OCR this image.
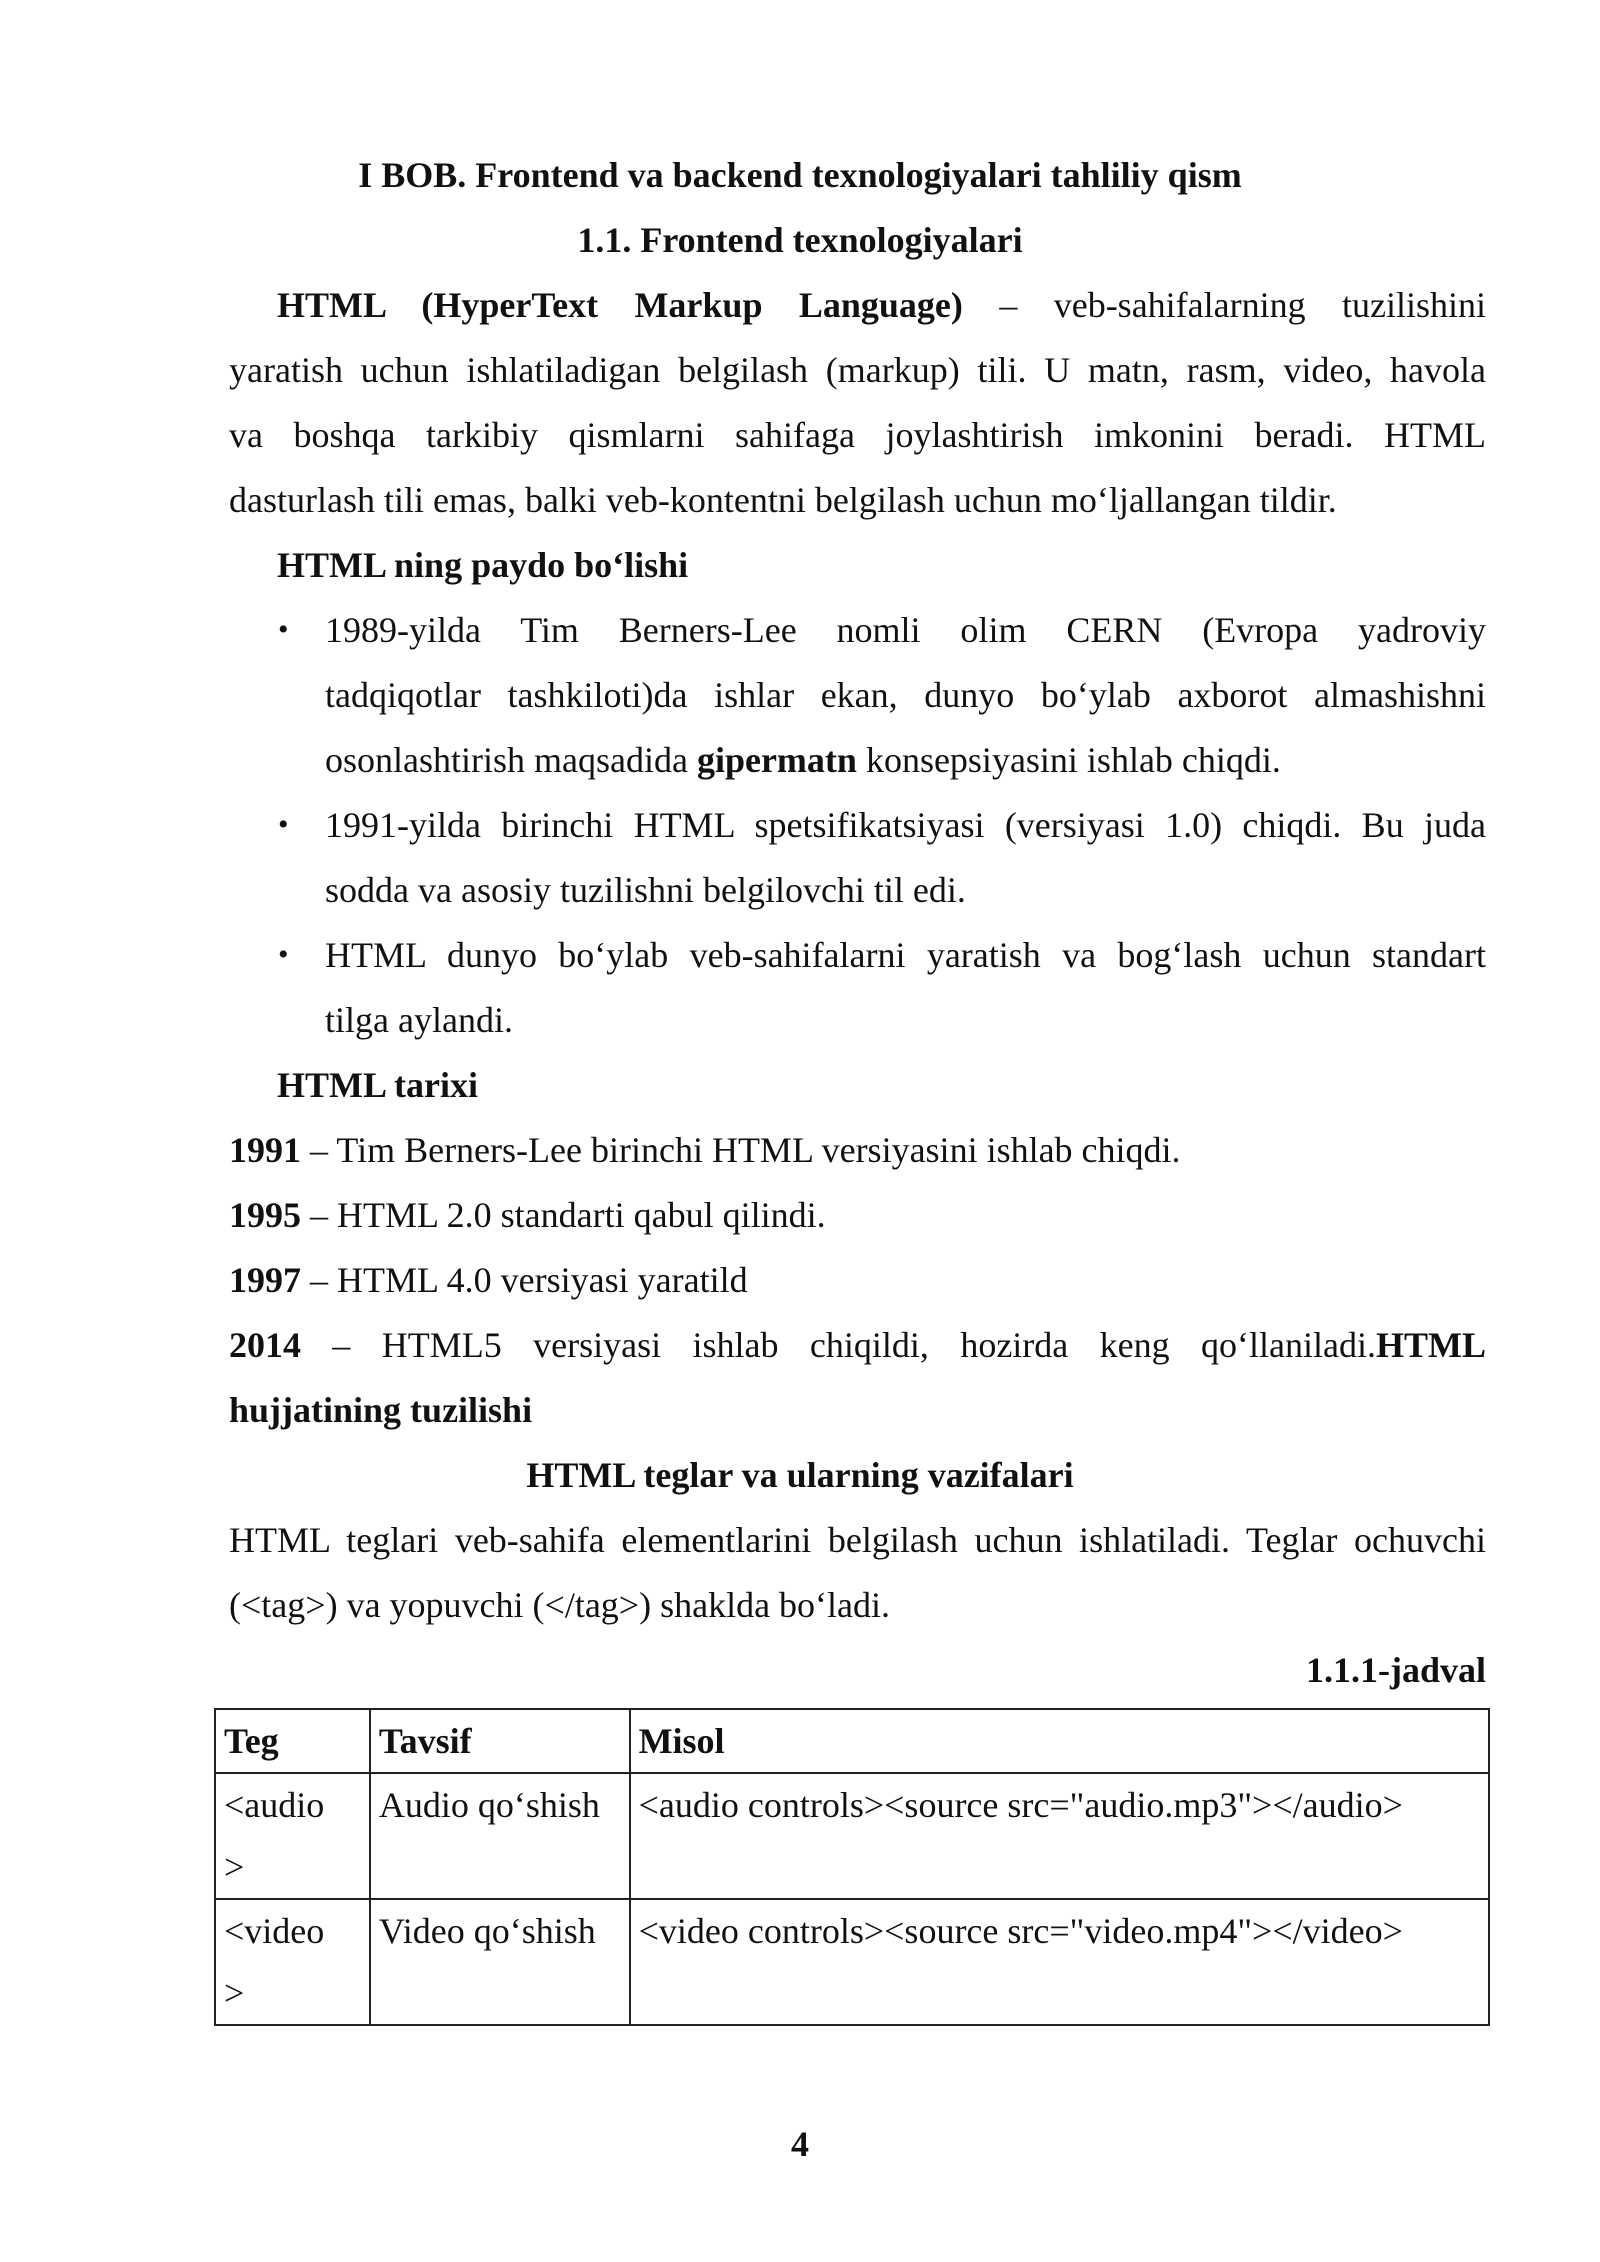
I BOB. Frontend va backend texnologiyalari tahliliy qism
1.1. Frontend texnologiyalari
HTML (HyperText Markup Language) – veb-sahifalarning tuzilishini
yaratish uchun ishlatiladigan belgilash (markup) tili. U matn, rasm, video, havola
va boshqa tarkibiy qismlarni sahifaga joylashtirish imkonini beradi. HTML
dasturlash tili emas, balki veb-kontentni belgilash uchun mo‘ljallangan tildir.
HTML ning paydo bo‘lishi
• 1989-yilda Tim Berners-Lee nomli olim CERN (Evropa yadroviy
tadqiqotlar tashkiloti)da ishlar ekan, dunyo bo‘ylab axborot almashishni
osonlashtirish maqsadida gipermatn konsepsiyasini ishlab chiqdi.
• 1991-yilda birinchi HTML spetsifikatsiyasi (versiyasi 1.0) chiqdi. Bu juda
sodda va asosiy tuzilishni belgilovchi til edi.
• HTML dunyo bo‘ylab veb-sahifalarni yaratish va bog‘lash uchun standart
tilga aylandi.
HTML tarixi
1991 – Tim Berners-Lee birinchi HTML versiyasini ishlab chiqdi.
1995 – HTML 2.0 standarti qabul qilindi.
1997 – HTML 4.0 versiyasi yaratild
2014 – HTML5 versiyasi ishlab chiqildi, hozirda keng qo‘llaniladi.HTML
hujjatining tuzilishi
HTML teglar va ularning vazifalari
HTML teglari veb-sahifa elementlarini belgilash uchun ishlatiladi. Teglar ochuvchi
(<tag>) va yopuvchi (</tag>) shaklda bo‘ladi.
1.1.1-jadval
Teg	Tavsif	Misol

<audio
>	Audio qo‘shish	<audio controls><source src="audio.mp3"></audio>

<video
>	Video qo‘shish	<video controls><source src="video.mp4"></video>
4
